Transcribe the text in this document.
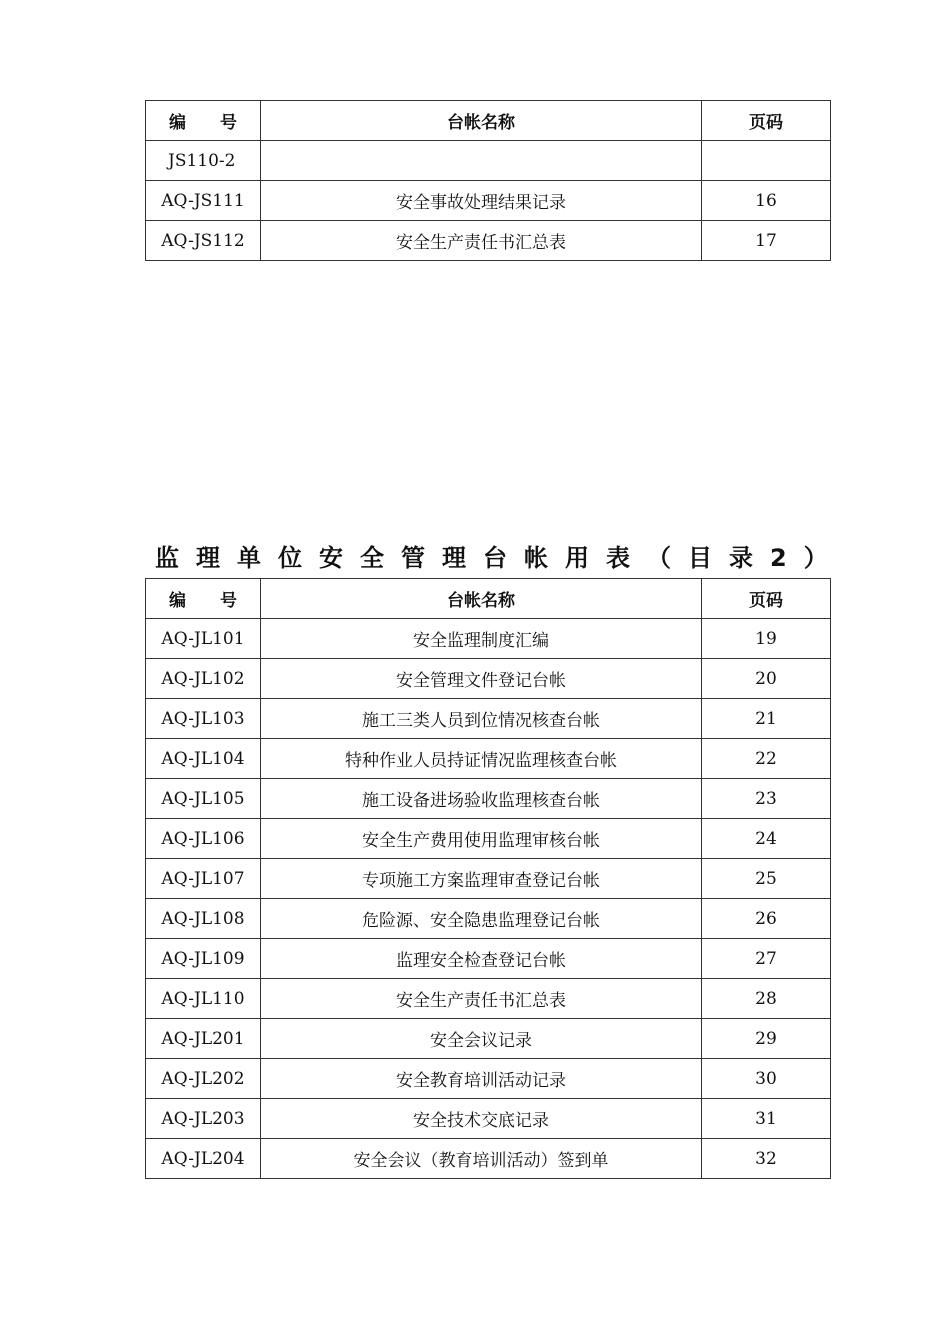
编　　号	台帐名称	页码
JS110-2		
AQ-JS111	安全事故处理结果记录	16
AQ-JS112	安全生产责任书汇总表	17
监理单位安全管理台帐用表（目录2）
编　　号	台帐名称	页码
AQ-JL101	安全监理制度汇编	19
AQ-JL102	安全管理文件登记台帐	20
AQ-JL103	施工三类人员到位情况核查台帐	21
AQ-JL104	特种作业人员持证情况监理核查台帐	22
AQ-JL105	施工设备进场验收监理核查台帐	23
AQ-JL106	安全生产费用使用监理审核台帐	24
AQ-JL107	专项施工方案监理审查登记台帐	25
AQ-JL108	危险源、安全隐患监理登记台帐	26
AQ-JL109	监理安全检查登记台帐	27
AQ-JL110	安全生产责任书汇总表	28
AQ-JL201	安全会议记录	29
AQ-JL202	安全教育培训活动记录	30
AQ-JL203	安全技术交底记录	31
AQ-JL204	安全会议（教育培训活动）签到单	32
